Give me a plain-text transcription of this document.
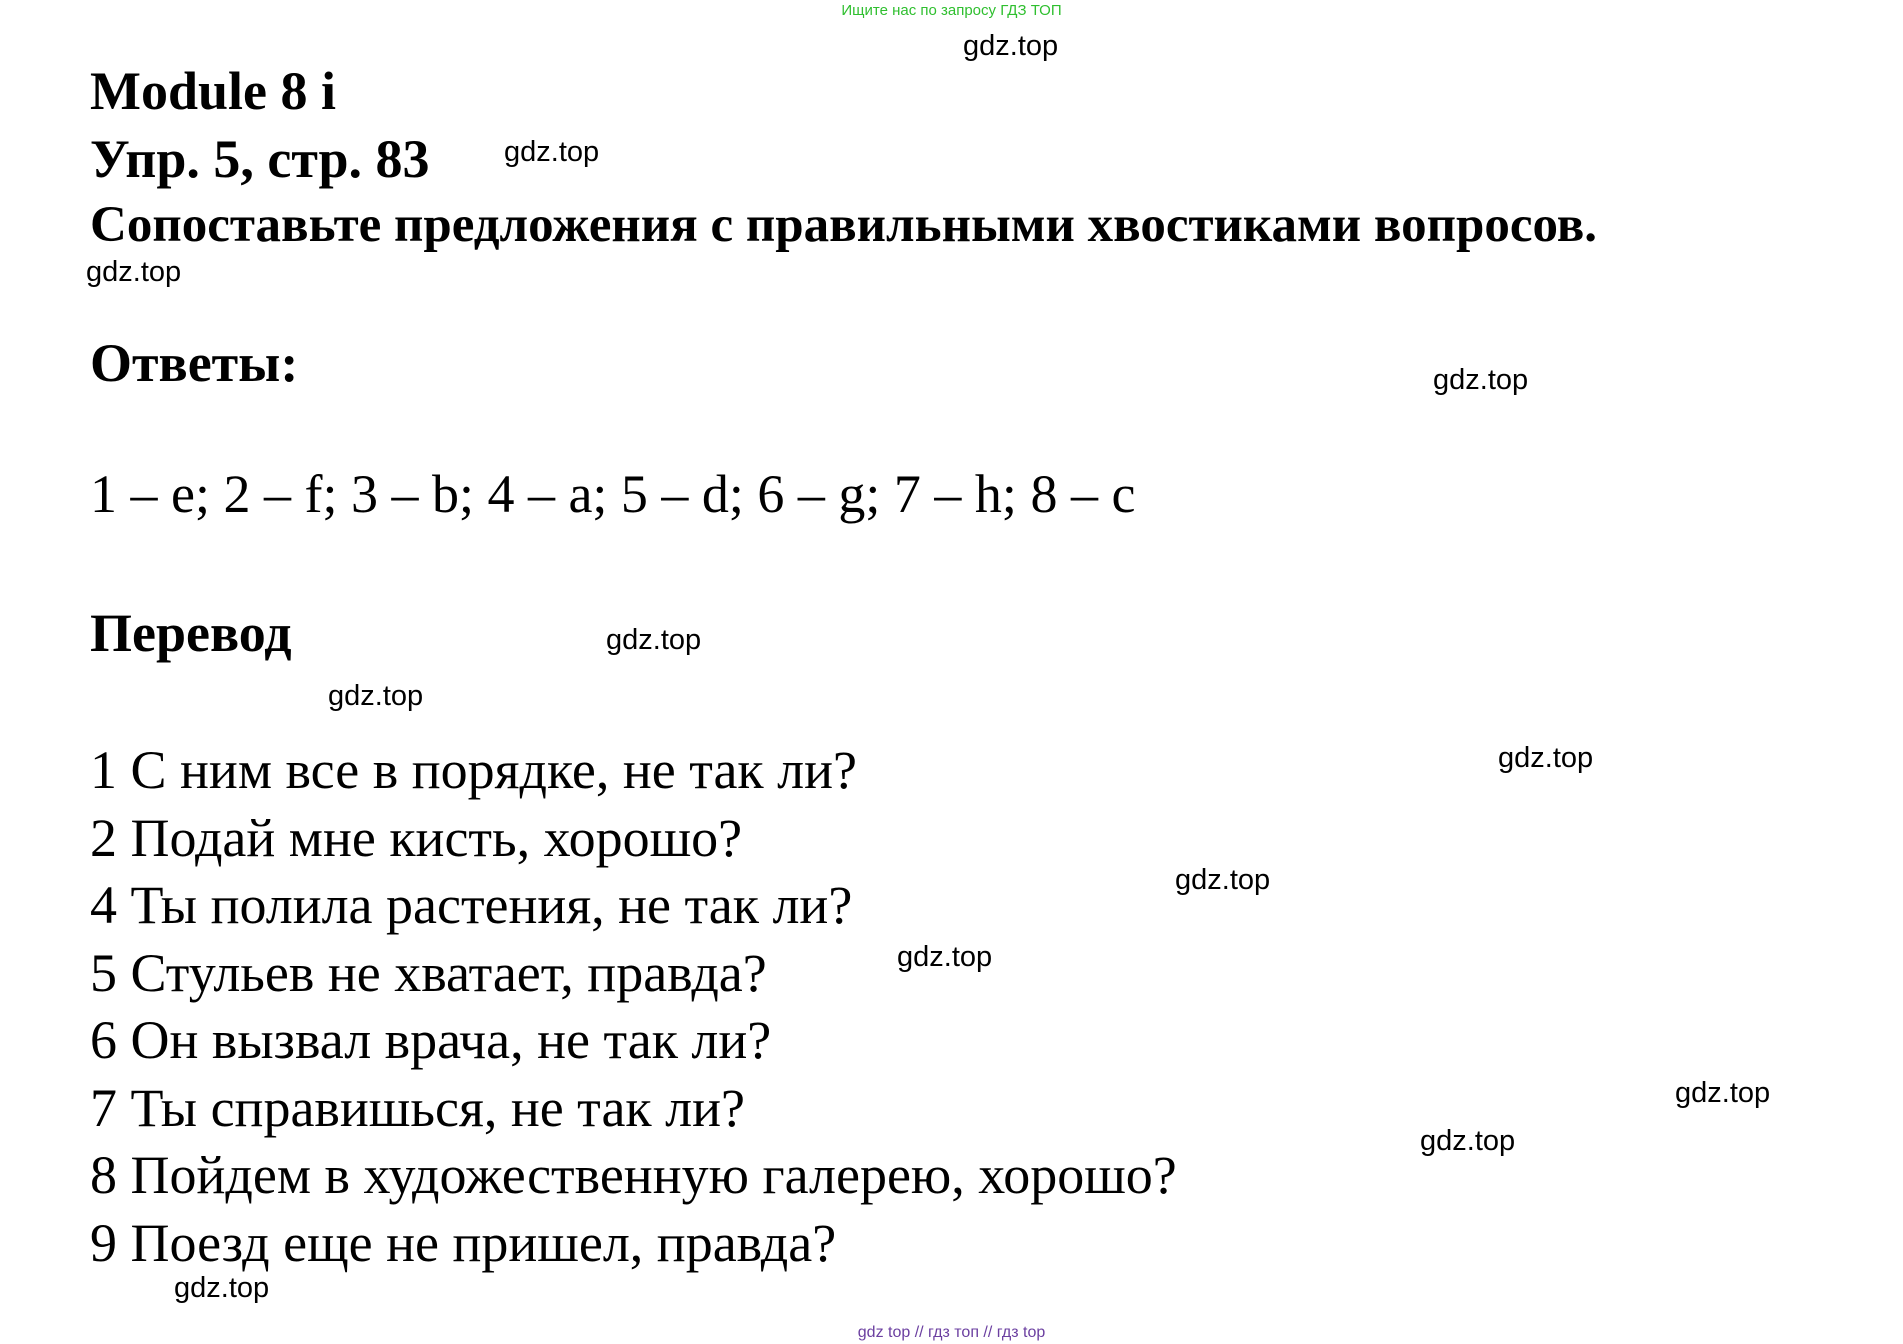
Ищите нас по запросу ГДЗ ТОП
Module 8 i
Упр. 5, стр. 83
Сопоставьте предложения с правильными хвостиками вопросов.
Ответы:
1 – e; 2 – f; 3 – b; 4 – a; 5 – d; 6 – g; 7 – h; 8 – c
Перевод
1 С ним все в порядке, не так ли?
2 Подай мне кисть, хорошо?
4 Ты полила растения, не так ли?
5 Стульев не хватает, правда?
6 Он вызвал врача, не так ли?
7 Ты справишься, не так ли?
8 Пойдем в художественную галерею, хорошо?
9 Поезд еще не пришел, правда?
gdz.top
gdz.top
gdz.top
gdz.top
gdz.top
gdz.top
gdz.top
gdz.top
gdz.top
gdz.top
gdz.top
gdz.top
gdz top // гдз топ // гдз top
